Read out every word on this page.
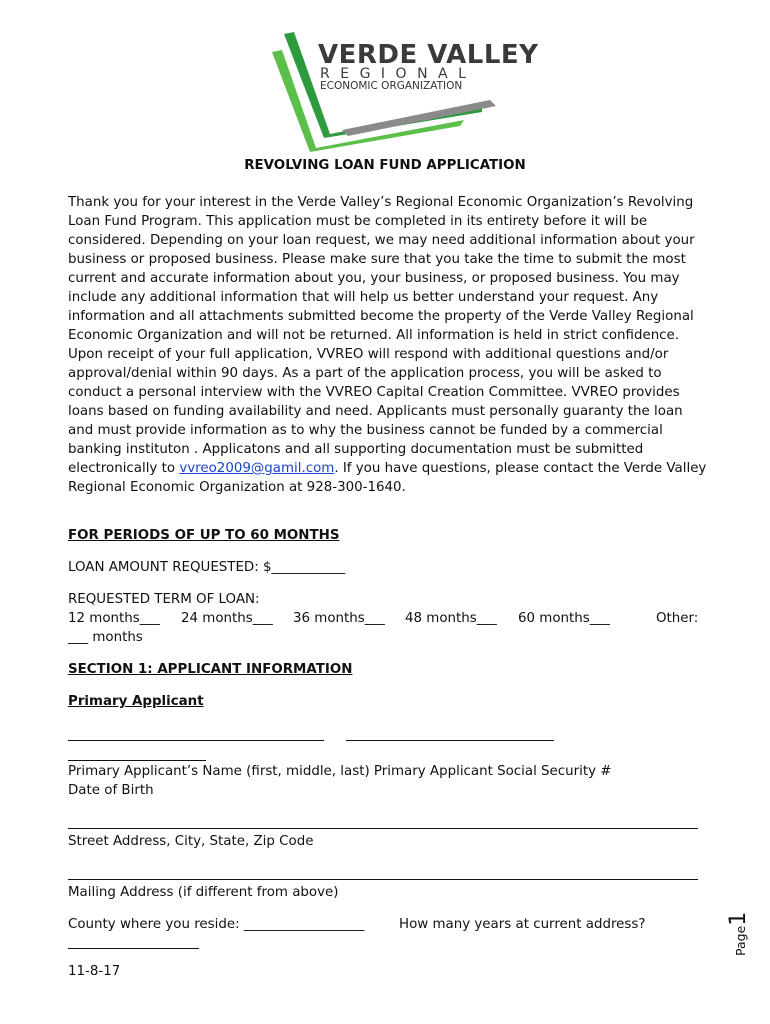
VERDE VALLEY
REGIONAL
ECONOMIC ORGANIZATION
REVOLVING LOAN FUND APPLICATION

Thank you for your interest in the Verde Valley’s Regional Economic Organization’s Revolving Loan Fund Program. This application must be completed in its entirety before it will be considered. Depending on your loan request, we may need additional information about your business or proposed business. Please make sure that you take the time to submit the most current and accurate information about you, your business, or proposed business. You may include any additional information that will help us better understand your request. Any information and all attachments submitted become the property of the Verde Valley Regional Economic Organization and will not be returned. All information is held in strict confidence. Upon receipt of your full application, VVREO will respond with additional questions and/or approval/denial within 90 days. As a part of the application process, you will be asked to conduct a personal interview with the VVREO Capital Creation Committee. VVREO provides loans based on funding availability and need. Applicants must personally guaranty the loan and must provide information as to why the business cannot be funded by a commercial banking instituton . Applicatons and all supporting documentation must be submitted electronically to vvreo2009@gamil.com. If you have questions, please contact the Verde Valley Regional Economic Organization at 928-300-1640.

FOR PERIODS OF UP TO 60 MONTHS
LOAN AMOUNT REQUESTED: $___________
REQUESTED TERM OF LOAN:
12 months___ 24 months___ 36 months___ 48 months___ 60 months___	Other:
___ months
SECTION 1: APPLICANT INFORMATION
Primary Applicant
Primary Applicant’s Name (first, middle, last) Primary Applicant Social Security #
Date of Birth
Street Address, City, State, Zip Code
Mailing Address (if different from above)
County where you reside: __________________	How many years at current address?
11-8-17
Page1
